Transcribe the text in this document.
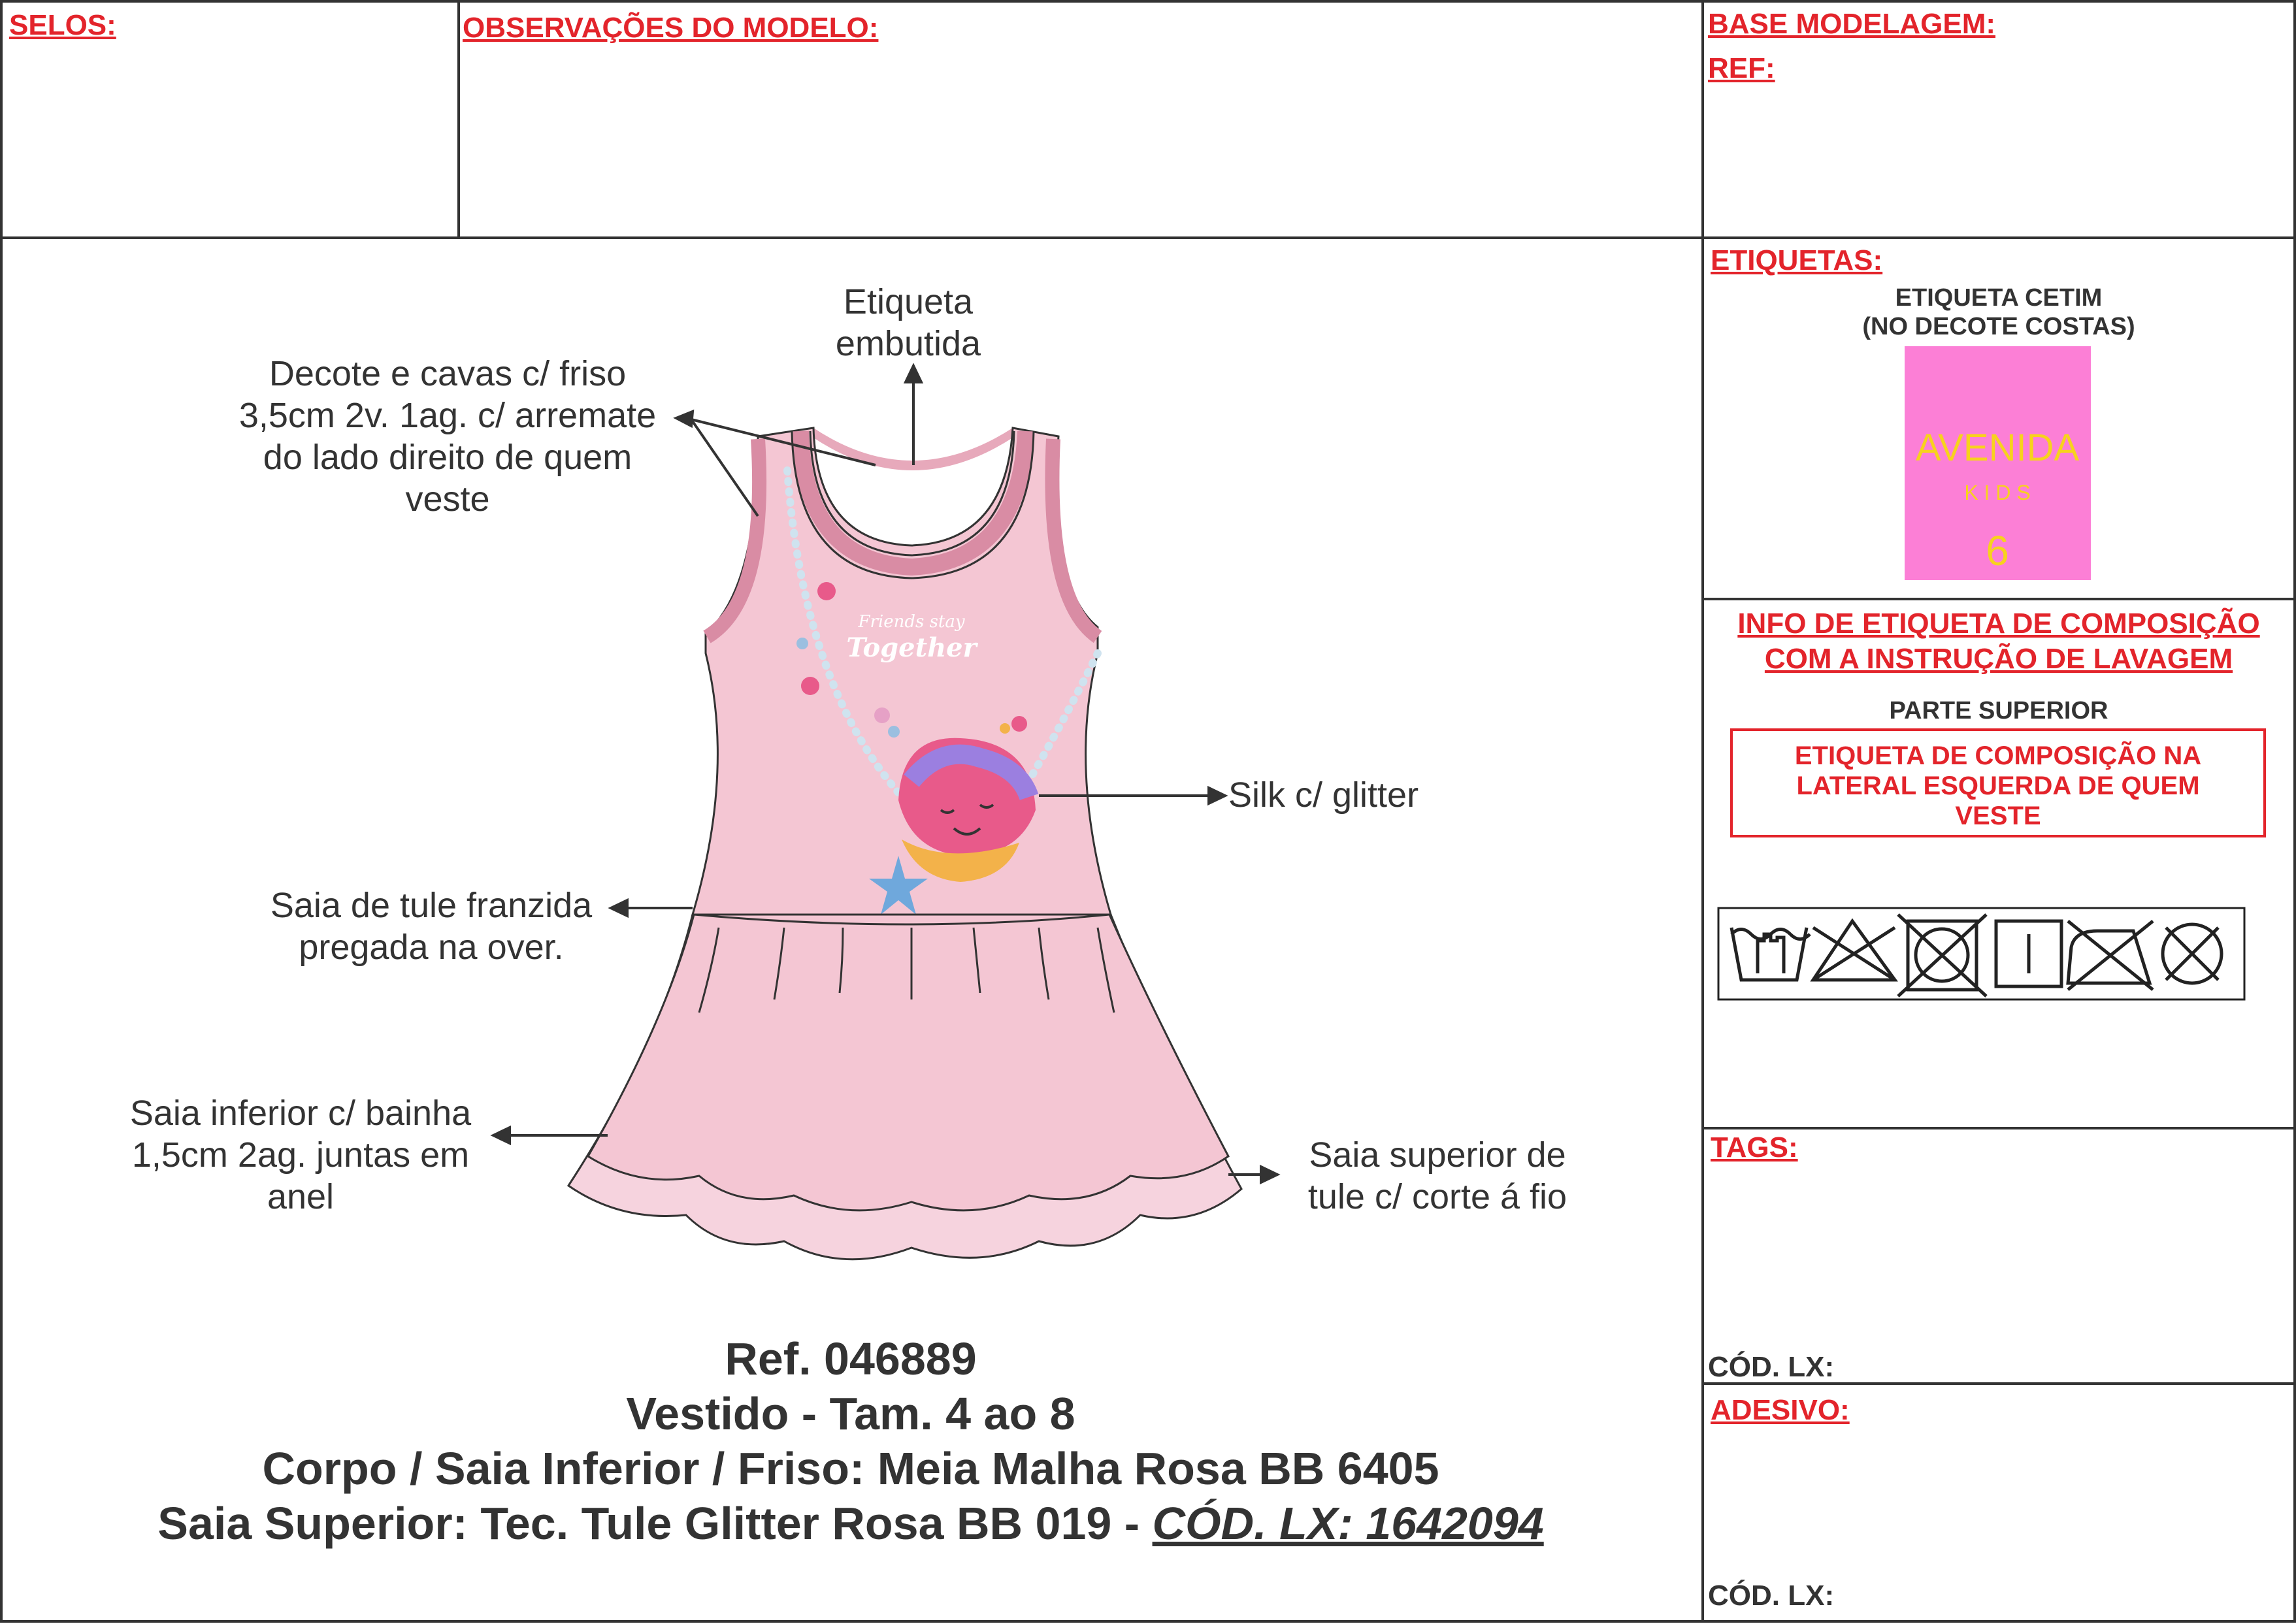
Friends stay
Together
AVENIDA
K I D S
6
SELOS:	OBSERVAÇÕES DO MODELO:	BASE MODELAGEM:
REF:
Etiqueta
embutida
Decote e cavas c/ friso
3,5cm 2v. 1ag. c/ arremate
do lado direito de quem
veste
Silk c/ glitter
Saia de tule franzida
pregada na over.
Saia inferior c/ bainha
1,5cm 2ag. juntas em
anel
Saia superior de
tule c/ corte á fio
Ref. 046889
Vestido - Tam. 4 ao 8
Corpo / Saia Inferior / Friso: Meia Malha Rosa BB 6405
Saia Superior: Tec. Tule Glitter Rosa BB 019 - CÓD. LX: 1642094
ETIQUETAS:
ETIQUETA CETIM
(NO DECOTE COSTAS)
INFO DE ETIQUETA DE COMPOSIÇÃO
COM A INSTRUÇÃO DE LAVAGEM
PARTE SUPERIOR
ETIQUETA DE COMPOSIÇÃO NA
LATERAL ESQUERDA DE QUEM
VESTE
TAGS:
CÓD. LX:
ADESIVO:
CÓD. LX:
